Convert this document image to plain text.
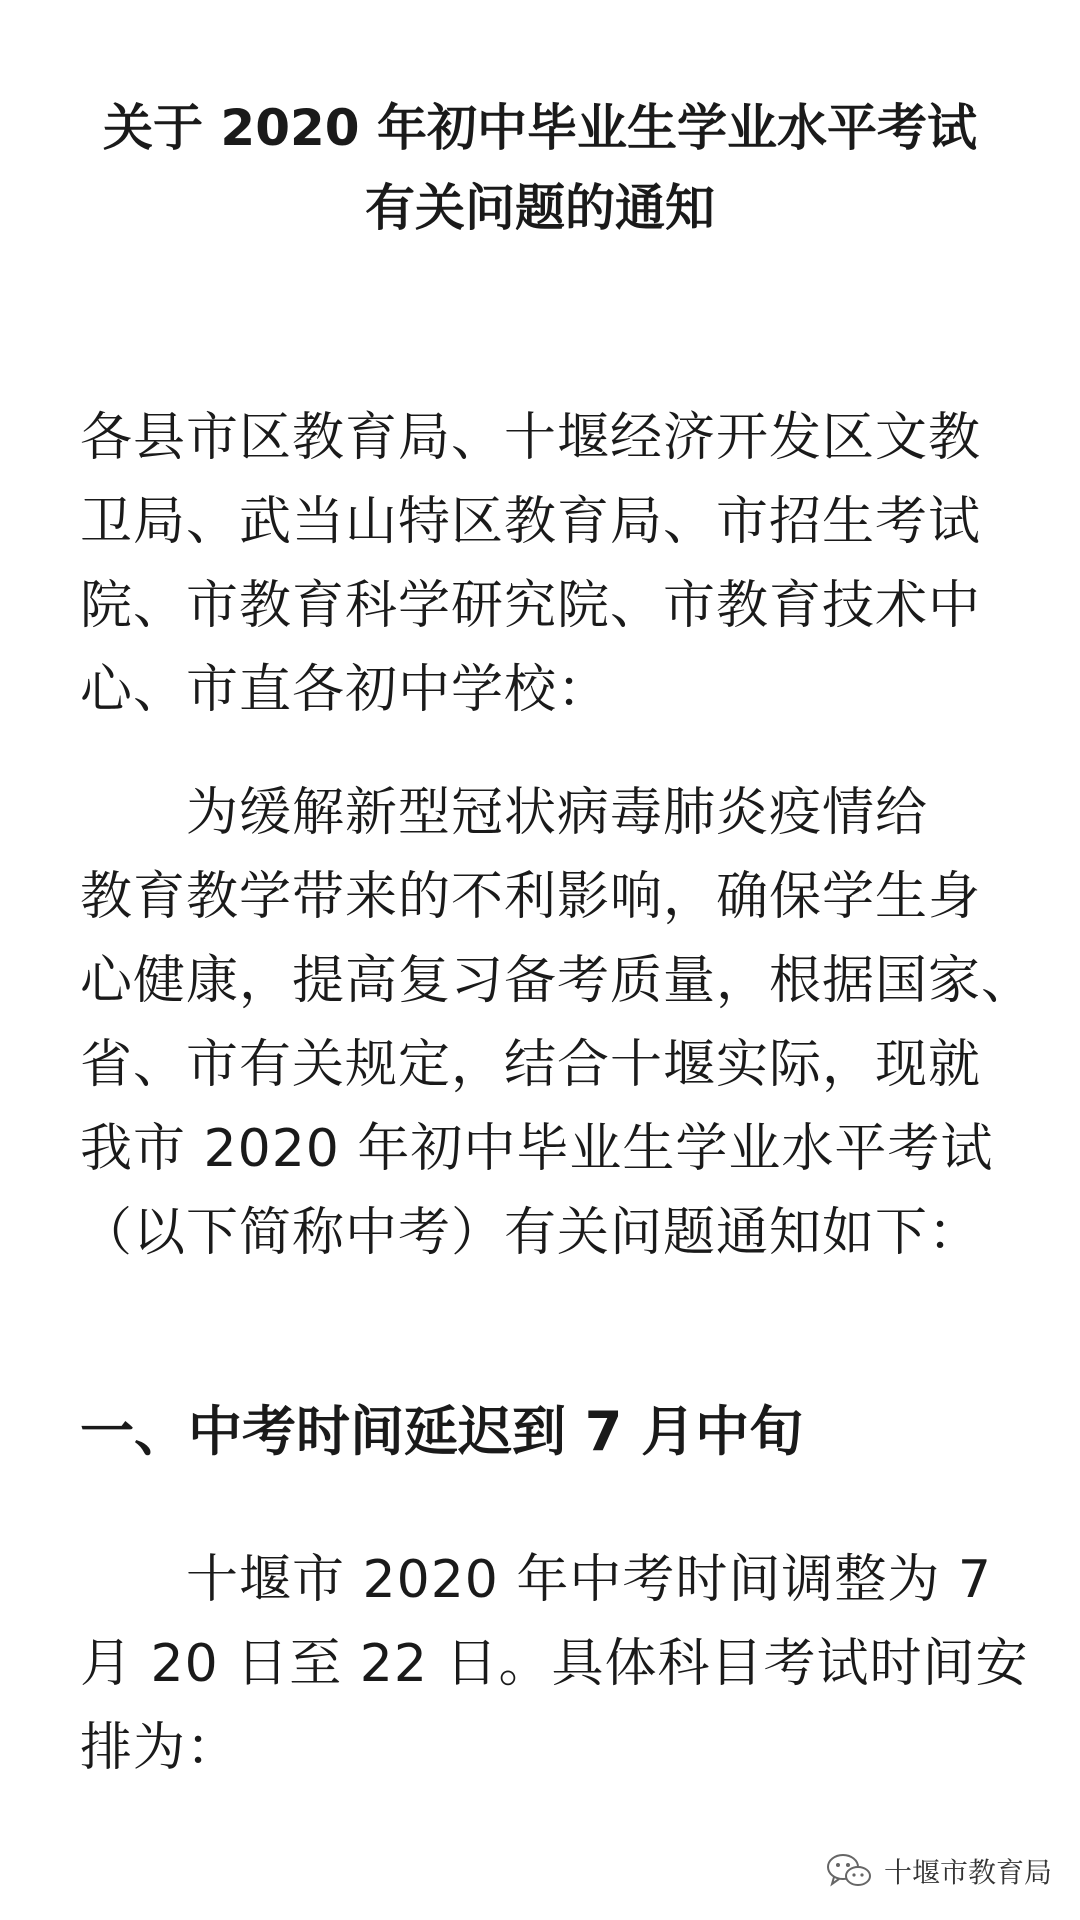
关于 2020 年初中毕业生学业水平考试
有关问题的通知
各县市区教育局、十堰经济开发区文教
卫局、武当山特区教育局、市招生考试
院、市教育科学研究院、市教育技术中
心、市直各初中学校：
为缓解新型冠状病毒肺炎疫情给
教育教学带来的不利影响，确保学生身
心健康，提高复习备考质量，根据国家、
省、市有关规定，结合十堰实际，现就
我市 2020 年初中毕业生学业水平考试
（以下简称中考）有关问题通知如下：
一、中考时间延迟到 7 月中旬
十堰市 2020 年中考时间调整为 7
月 20 日至 22 日。具体科目考试时间安
排为：
十堰市教育局
